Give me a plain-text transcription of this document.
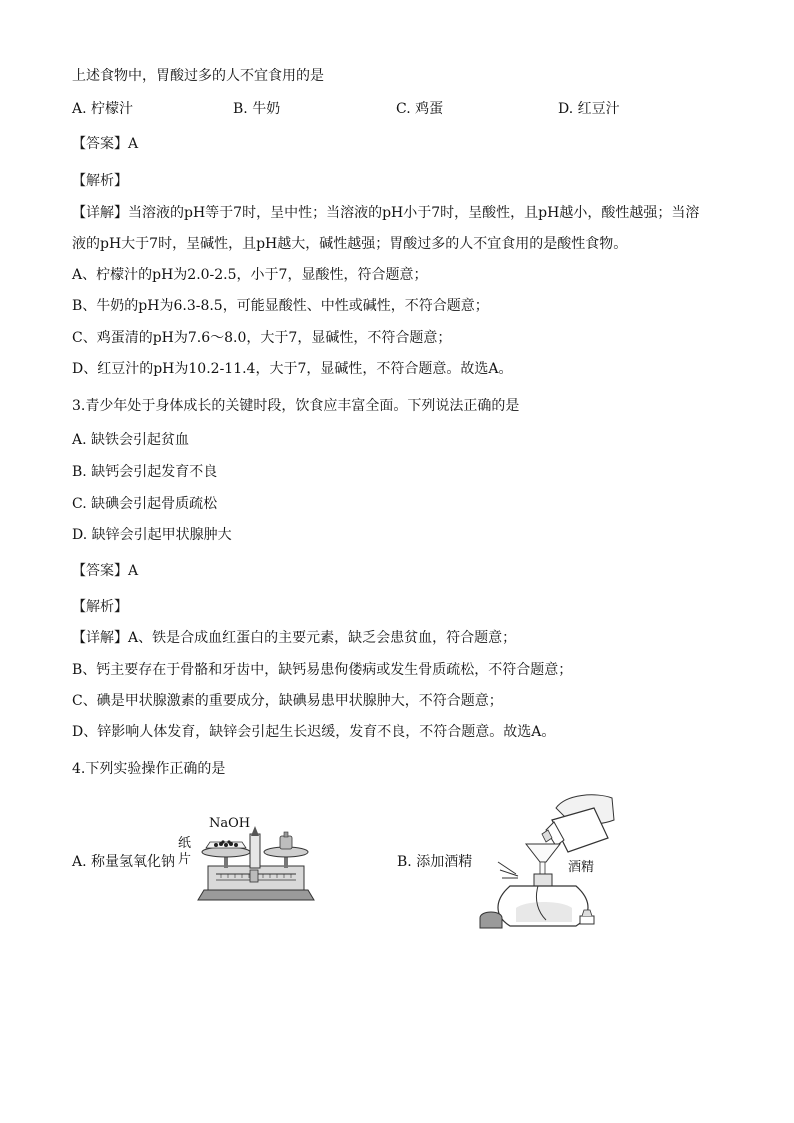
上述食物中，胃酸过多的人不宜食用的是
A. 柠檬汁	B. 牛奶	C. 鸡蛋	D. 红豆汁
【答案】A
【解析】
【详解】当溶液的pH等于7时，呈中性；当溶液的pH小于7时，呈酸性，且pH越小，酸性越强；当溶
液的pH大于7时，呈碱性，且pH越大，碱性越强；胃酸过多的人不宜食用的是酸性食物。
A、柠檬汁的pH为2.0-2.5，小于7，显酸性，符合题意；
B、牛奶的pH为6.3-8.5，可能显酸性、中性或碱性，不符合题意；
C、鸡蛋清的pH为7.6～8.0，大于7，显碱性，不符合题意；
D、红豆汁的pH为10.2-11.4，大于7，显碱性，不符合题意。故选A。
3.青少年处于身体成长的关键时段，饮食应丰富全面。下列说法正确的是
A. 缺铁会引起贫血
B. 缺钙会引起发育不良
C. 缺碘会引起骨质疏松
D. 缺锌会引起甲状腺肿大
【答案】A
【解析】
【详解】A、铁是合成血红蛋白的主要元素，缺乏会患贫血，符合题意；
B、钙主要存在于骨骼和牙齿中，缺钙易患佝偻病或发生骨质疏松，不符合题意；
C、碘是甲状腺激素的重要成分，缺碘易患甲状腺肿大，不符合题意；
D、锌影响人体发育，缺锌会引起生长迟缓，发育不良，不符合题意。故选A。
4.下列实验操作正确的是
A. 称量氢氧化钠
NaOH
纸
片	B. 添加酒精	酒精
